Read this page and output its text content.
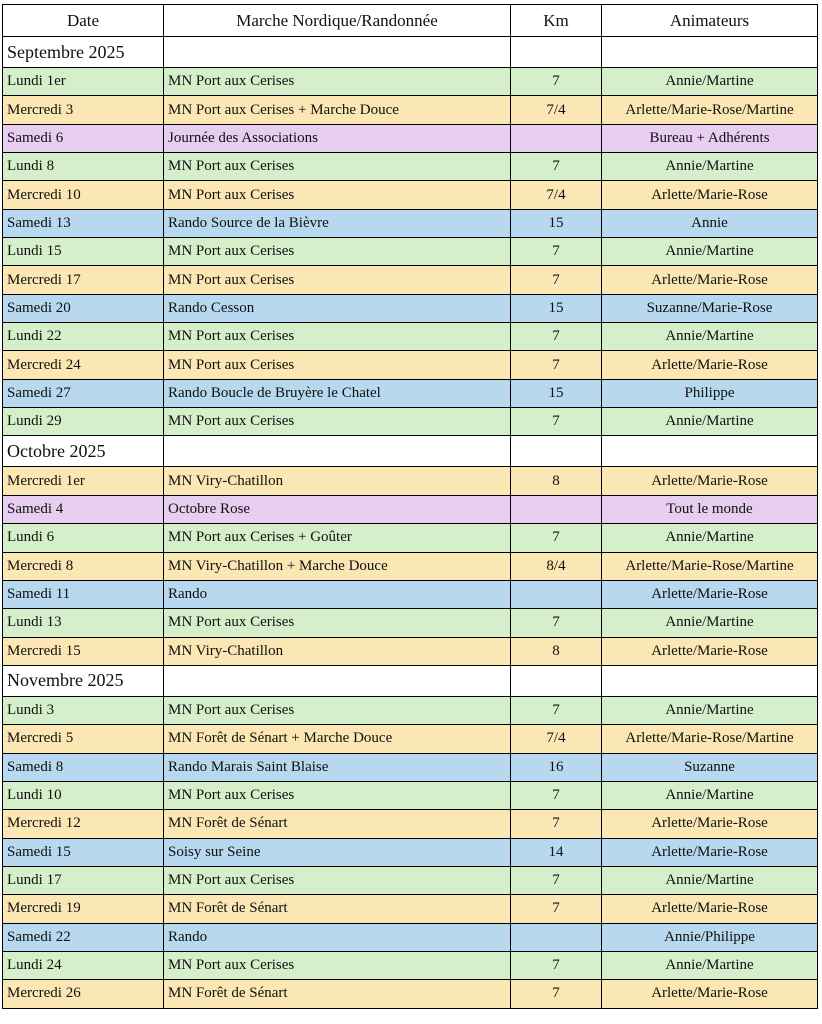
Date	Marche Nordique/Randonnée	Km	Animateurs
Septembre 2025			
Lundi 1er	MN Port aux Cerises	7	Annie/Martine
Mercredi 3	MN Port aux Cerises + Marche Douce	7/4	Arlette/Marie-Rose/Martine
Samedi 6	Journée des Associations		Bureau + Adhérents
Lundi 8	MN Port aux Cerises	7	Annie/Martine
Mercredi 10	MN Port aux Cerises	7/4	Arlette/Marie-Rose
Samedi 13	Rando Source de la Bièvre	15	Annie
Lundi 15	MN Port aux Cerises	7	Annie/Martine
Mercredi 17	MN Port aux Cerises	7	Arlette/Marie-Rose
Samedi 20	Rando Cesson	15	Suzanne/Marie-Rose
Lundi 22	MN Port aux Cerises	7	Annie/Martine
Mercredi 24	MN Port aux Cerises	7	Arlette/Marie-Rose
Samedi 27	Rando Boucle de Bruyère le Chatel	15	Philippe
Lundi 29	MN Port aux Cerises	7	Annie/Martine
Octobre 2025			
Mercredi 1er	MN Viry-Chatillon	8	Arlette/Marie-Rose
Samedi 4	Octobre Rose		Tout le monde
Lundi 6	MN Port aux Cerises + Goûter	7	Annie/Martine
Mercredi 8	MN Viry-Chatillon + Marche Douce	8/4	Arlette/Marie-Rose/Martine
Samedi 11	Rando		Arlette/Marie-Rose
Lundi 13	MN Port aux Cerises	7	Annie/Martine
Mercredi 15	MN Viry-Chatillon	8	Arlette/Marie-Rose
Novembre 2025			
Lundi 3	MN Port aux Cerises	7	Annie/Martine
Mercredi 5	MN Forêt de Sénart + Marche Douce	7/4	Arlette/Marie-Rose/Martine
Samedi 8	Rando Marais Saint Blaise	16	Suzanne
Lundi 10	MN Port aux Cerises	7	Annie/Martine
Mercredi 12	MN Forêt de Sénart	7	Arlette/Marie-Rose
Samedi 15	Soisy sur Seine	14	Arlette/Marie-Rose
Lundi 17	MN Port aux Cerises	7	Annie/Martine
Mercredi 19	MN Forêt de Sénart	7	Arlette/Marie-Rose
Samedi 22	Rando		Annie/Philippe
Lundi 24	MN Port aux Cerises	7	Annie/Martine
Mercredi 26	MN Forêt de Sénart	7	Arlette/Marie-Rose
